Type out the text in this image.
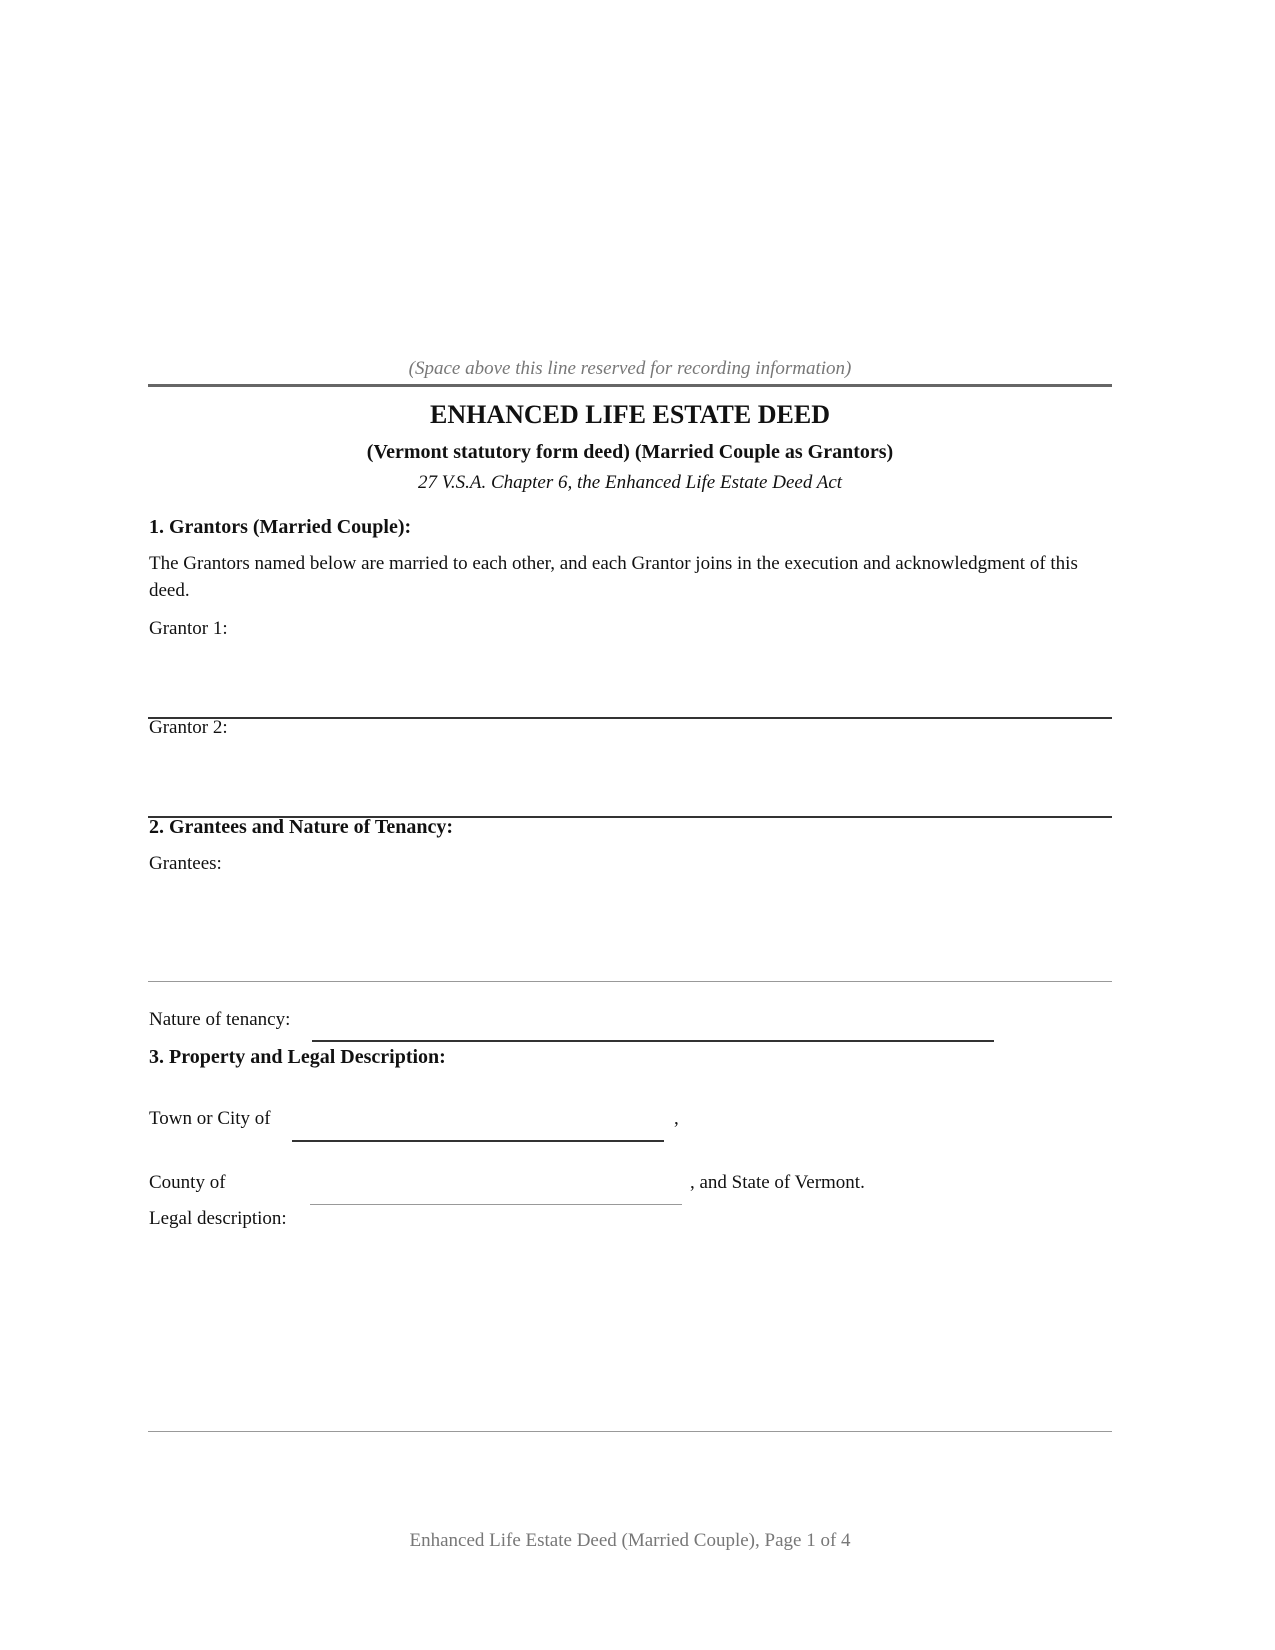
(Space above this line reserved for recording information)
ENHANCED LIFE ESTATE DEED
(Vermont statutory form deed) (Married Couple as Grantors)
27 V.S.A. Chapter 6, the Enhanced Life Estate Deed Act
1. Grantors (Married Couple):
The Grantors named below are married to each other, and each Grantor joins in the execution and acknowledgment of this deed.
Grantor 1:
Grantor 2:
2. Grantees and Nature of Tenancy:
Grantees:
Nature of tenancy:
3. Property and Legal Description:
Town or City of	,
County of	, and State of Vermont.
Legal description:
Enhanced Life Estate Deed (Married Couple), Page 1 of 4
